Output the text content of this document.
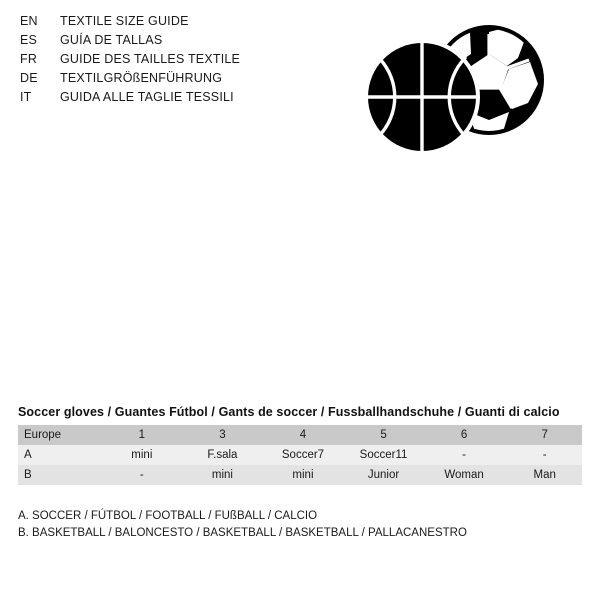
EN	TEXTILE SIZE GUIDE
ES	GUÍA DE TALLAS
FR	GUIDE DES TAILLES TEXTILE
DE	TEXTILGRÖßENFÜHRUNG
IT	GUIDA ALLE TAGLIE TESSILI
Soccer gloves / Guantes Fútbol / Gants de soccer / Fussballhandschuhe / Guanti di calcio
Europe	1	3	4	5	6	7
A	mini	F.sala	Soccer7	Soccer11	-	-
B	-	mini	mini	Junior	Woman	Man
A. SOCCER / FÚTBOL / FOOTBALL / FUßBALL / CALCIO
B. BASKETBALL / BALONCESTO / BASKETBALL / BASKETBALL / PALLACANESTRO
